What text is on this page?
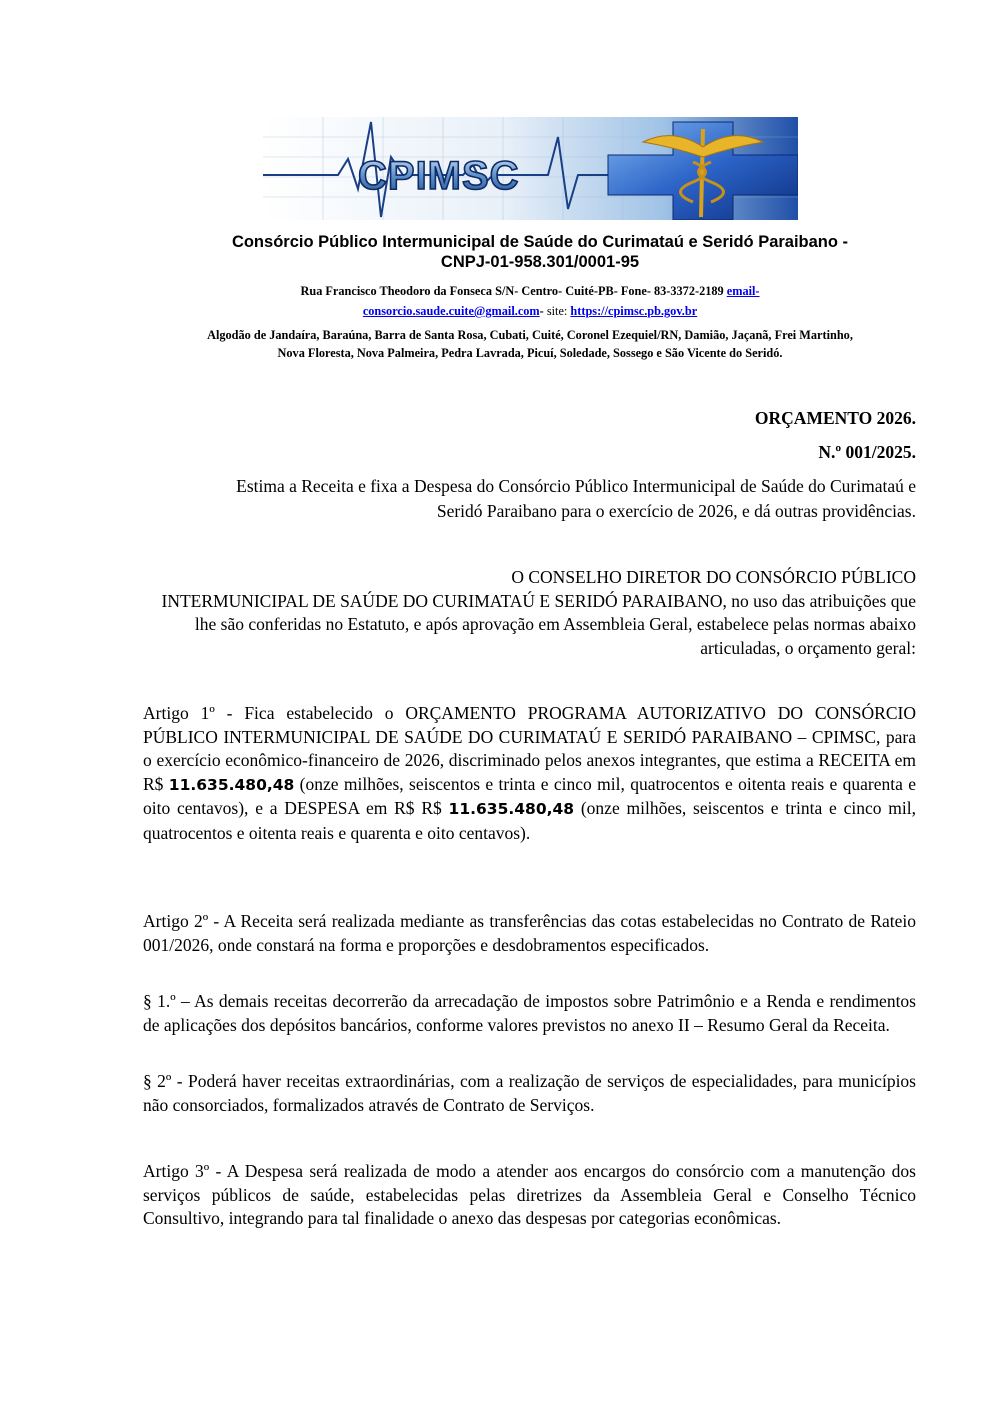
CPIMSC
Consórcio Público Intermunicipal de Saúde do Curimataú e Seridó Paraibano -
CNPJ-01-958.301/0001-95
Rua Francisco Theodoro da Fonseca S/N- Centro- Cuité-PB- Fone- 83-3372-2189 email-
consorcio.saude.cuite@gmail.com- site: https://cpimsc.pb.gov.br
Algodão de Jandaíra, Baraúna, Barra de Santa Rosa, Cubati, Cuité, Coronel Ezequiel/RN, Damião, Jaçanã, Frei Martinho,
Nova Floresta, Nova Palmeira, Pedra Lavrada, Picuí, Soledade, Sossego e São Vicente do Seridó.
ORÇAMENTO 2026.
N.º 001/2025.
Estima a Receita e fixa a Despesa do Consórcio Público Intermunicipal de Saúde do Curimataú e Seridó Paraibano para o exercício de 2026, e dá outras providências.
O CONSELHO DIRETOR DO CONSÓRCIO PÚBLICO
INTERMUNICIPAL DE SAÚDE DO CURIMATAÚ E SERIDÓ PARAIBANO, no uso das atribuições que lhe são conferidas no Estatuto, e após aprovação em Assembleia Geral, estabelece pelas normas abaixo articuladas, o orçamento geral:
Artigo 1º - Fica estabelecido o ORÇAMENTO PROGRAMA AUTORIZATIVO DO CONSÓRCIO PÚBLICO INTERMUNICIPAL DE SAÚDE DO CURIMATAÚ E SERIDÓ PARAIBANO – CPIMSC, para o exercício econômico-financeiro de 2026, discriminado pelos anexos integrantes, que estima a RECEITA em R$ 11.635.480,48 (onze milhões, seiscentos e trinta e cinco mil, quatrocentos e oitenta reais e quarenta e oito centavos), e a DESPESA em R$ R$ 11.635.480,48 (onze milhões, seiscentos e trinta e cinco mil, quatrocentos e oitenta reais e quarenta e oito centavos).
Artigo 2º - A Receita será realizada mediante as transferências das cotas estabelecidas no Contrato de Rateio 001/2026, onde constará na forma e proporções e desdobramentos especificados.
§ 1.º – As demais receitas decorrerão da arrecadação de impostos sobre Patrimônio e a Renda e rendimentos de aplicações dos depósitos bancários, conforme valores previstos no anexo II – Resumo Geral da Receita.
§ 2º - Poderá haver receitas extraordinárias, com a realização de serviços de especialidades, para municípios não consorciados, formalizados através de Contrato de Serviços.
Artigo 3º - A Despesa será realizada de modo a atender aos encargos do consórcio com a manutenção dos serviços públicos de saúde, estabelecidas pelas diretrizes da Assembleia Geral e Conselho Técnico Consultivo, integrando para tal finalidade o anexo das despesas por categorias econômicas.
